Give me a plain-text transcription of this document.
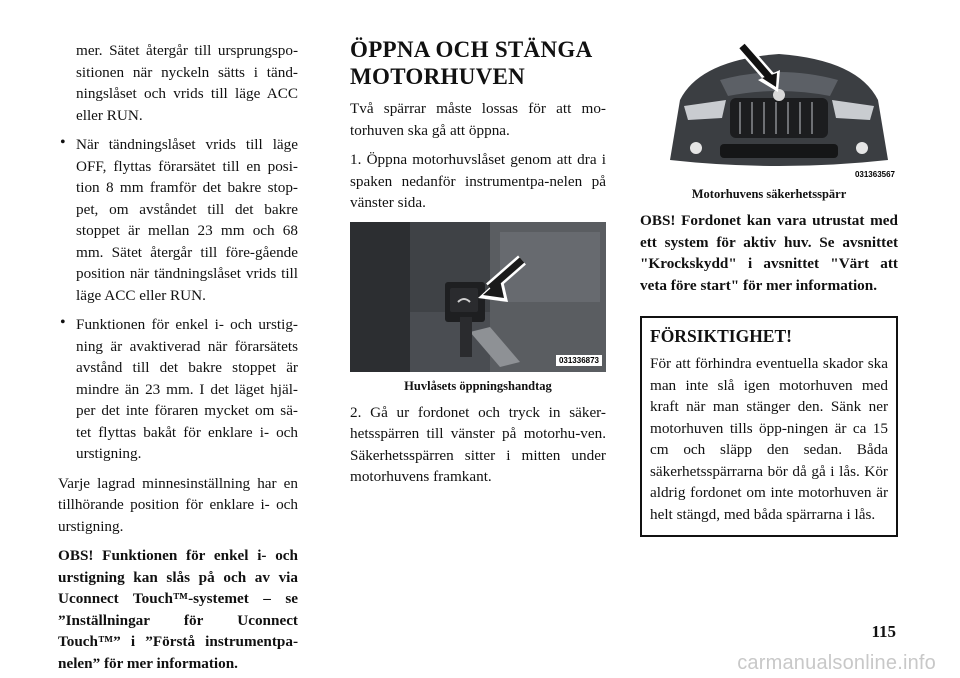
mer. Sätet återgår till ursprungspo-sitionen när nyckeln sätts i tänd-ningslåset och vrids till läge ACC eller RUN.

• När tändningslåset vrids till läge OFF, flyttas förarsätet till en posi-tion 8 mm framför det bakre stop-pet, om avståndet till det bakre stoppet är mellan 23 mm och 68 mm. Sätet återgår till före-gående position när tändningslåset vrids till läge ACC eller RUN.

• Funktionen för enkel i- och urstig-ning är avaktiverad när förarsätets avstånd till det bakre stoppet är mindre än 23 mm. I det läget hjäl-per det inte föraren mycket om sä-tet flyttas bakåt för enklare i- och urstigning.

Varje lagrad minnesinställning har en tillhörande position för enklare i- och urstigning.

OBS! Funktionen för enkel i- och urstigning kan slås på och av via Uconnect Touch™-systemet – se ”Inställningar för Uconnect Touch™” i ”Förstå instrumentpa-nelen” för mer information.

ÖPPNA OCH STÄNGA MOTORHUVEN

Två spärrar måste lossas för att mo-torhuven ska gå att öppna.

1. Öppna motorhuvslåset genom att dra i spaken nedanför instrumentpa-nelen på vänster sida.

031336873
Huvlåsets öppningshandtag

2. Gå ur fordonet och tryck in säker-hetsspärren till vänster på motorhu-ven. Säkerhetsspärren sitter i mitten under motorhuvens framkant.

031363567
Motorhuvens säkerhetsspärr

OBS! Fordonet kan vara utrustat med ett system för aktiv huv. Se avsnittet "Krockskydd" i avsnittet "Värt att veta före start" för mer information.

FÖRSIKTIGHET!

För att förhindra eventuella skador ska man inte slå igen motorhuven med kraft när man stänger den. Sänk ner motorhuven tills öpp-ningen är ca 15 cm och släpp den sedan. Båda säkerhetsspärrarna bör då gå i lås. Kör aldrig fordonet om inte motorhuven är helt stängd, med båda spärrarna i lås.

115
carmanualsonline.info
